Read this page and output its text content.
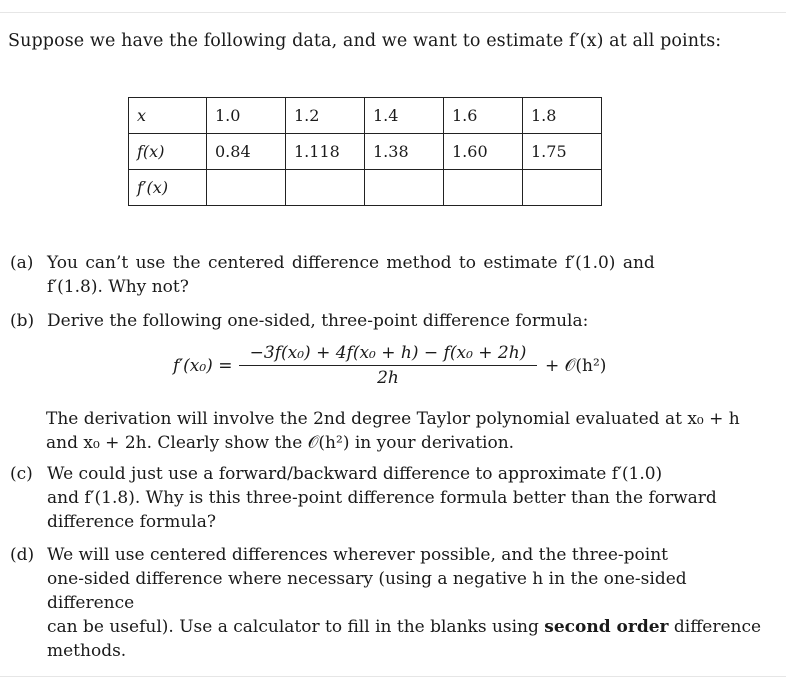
Suppose we have the following data, and we want to estimate f′(x) at all points:
x	1.0	1.2	1.4	1.6	1.8
f(x)	0.84	1.118	1.38	1.60	1.75
f′(x)					
(a) You can’t use the centered difference method to estimate f′(1.0) and
f′(1.8). Why not?
(b) Derive the following one-sided, three-point difference formula:
$f'(x_0) = \frac{\text{−3f(x₀) + 4f(x₀ + h) − f(x₀ + 2h)}}{2h}$ + 𝒪(h²)
The derivation will involve the 2nd degree Taylor polynomial evaluated at x₀ + h
and x₀ + 2h. Clearly show the 𝒪(h²) in your derivation.
(c) We could just use a forward/backward difference to approximate f′(1.0)
and f′(1.8). Why is this three-point difference formula better than the forward
difference formula?
(d) We will use centered differences wherever possible, and the three-point
one-sided difference where necessary (using a negative h in the one-sided difference
can be useful). Use a calculator to fill in the blanks using second order difference
methods.
